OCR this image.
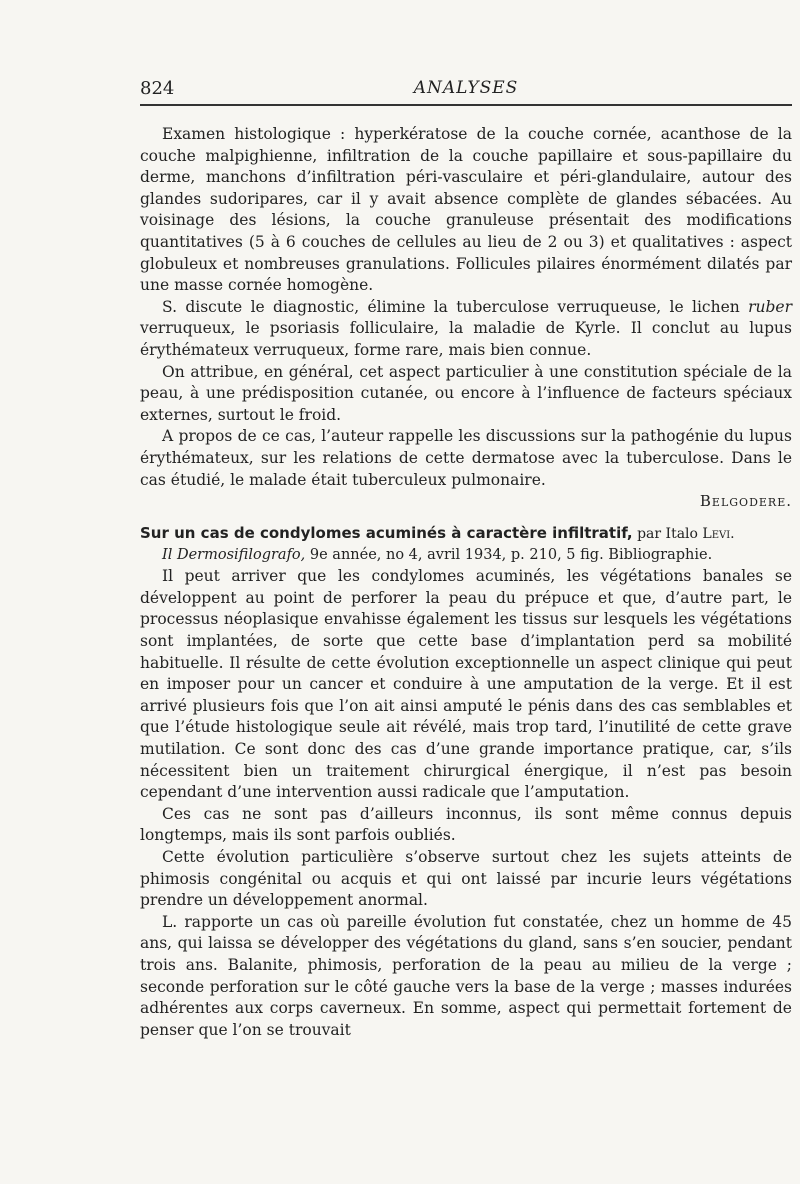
824	ANALYSES

Examen histologique : hyperkératose de la couche cornée, acanthose de la couche malpighienne, infiltration de la couche papillaire et sous-papillaire du derme, manchons d’infiltration péri-vasculaire et péri-glandulaire, autour des glandes sudoripares, car il y avait absence complète de glandes sébacées. Au voisinage des lésions, la couche granuleuse présentait des modifications quantitatives (5 à 6 couches de cellules au lieu de 2 ou 3) et qualitatives : aspect globuleux et nombreuses granulations. Follicules pilaires énormément dilatés par une masse cornée homogène.

S. discute le diagnostic, élimine la tuberculose verruqueuse, le lichen ruber verruqueux, le psoriasis folliculaire, la maladie de Kyrle. Il conclut au lupus érythémateux verruqueux, forme rare, mais bien connue.

On attribue, en général, cet aspect particulier à une constitution spéciale de la peau, à une prédisposition cutanée, ou encore à l’influence de facteurs spéciaux externes, surtout le froid.

A propos de ce cas, l’auteur rappelle les discussions sur la pathogénie du lupus érythémateux, sur les relations de cette dermatose avec la tuberculose. Dans le cas étudié, le malade était tuberculeux pulmonaire.

Belgodere.
Sur un cas de condylomes acuminés à caractère infiltratif, par Italo Levi.

Il Dermosifilografo, 9e année, no 4, avril 1934, p. 210, 5 fig. Bibliographie.

Il peut arriver que les condylomes acuminés, les végétations banales se développent au point de perforer la peau du prépuce et que, d’autre part, le processus néoplasique envahisse également les tissus sur lesquels les végétations sont implantées, de sorte que cette base d’implantation perd sa mobilité habituelle. Il résulte de cette évolution exceptionnelle un aspect clinique qui peut en imposer pour un cancer et conduire à une amputation de la verge. Et il est arrivé plusieurs fois que l’on ait ainsi amputé le pénis dans des cas semblables et que l’étude histologique seule ait révélé, mais trop tard, l’inutilité de cette grave mutilation. Ce sont donc des cas d’une grande importance pratique, car, s’ils nécessitent bien un traitement chirurgical énergique, il n’est pas besoin cependant d’une intervention aussi radicale que l’amputation.

Ces cas ne sont pas d’ailleurs inconnus, ils sont même connus depuis longtemps, mais ils sont parfois oubliés.

Cette évolution particulière s’observe surtout chez les sujets atteints de phimosis congénital ou acquis et qui ont laissé par incurie leurs végétations prendre un développement anormal.

L. rapporte un cas où pareille évolution fut constatée, chez un homme de 45 ans, qui laissa se développer des végétations du gland, sans s’en soucier, pendant trois ans. Balanite, phimosis, perforation de la peau au milieu de la verge ; seconde perforation sur le côté gauche vers la base de la verge ; masses indurées adhérentes aux corps caverneux. En somme, aspect qui permettait fortement de penser que l’on se trouvait
